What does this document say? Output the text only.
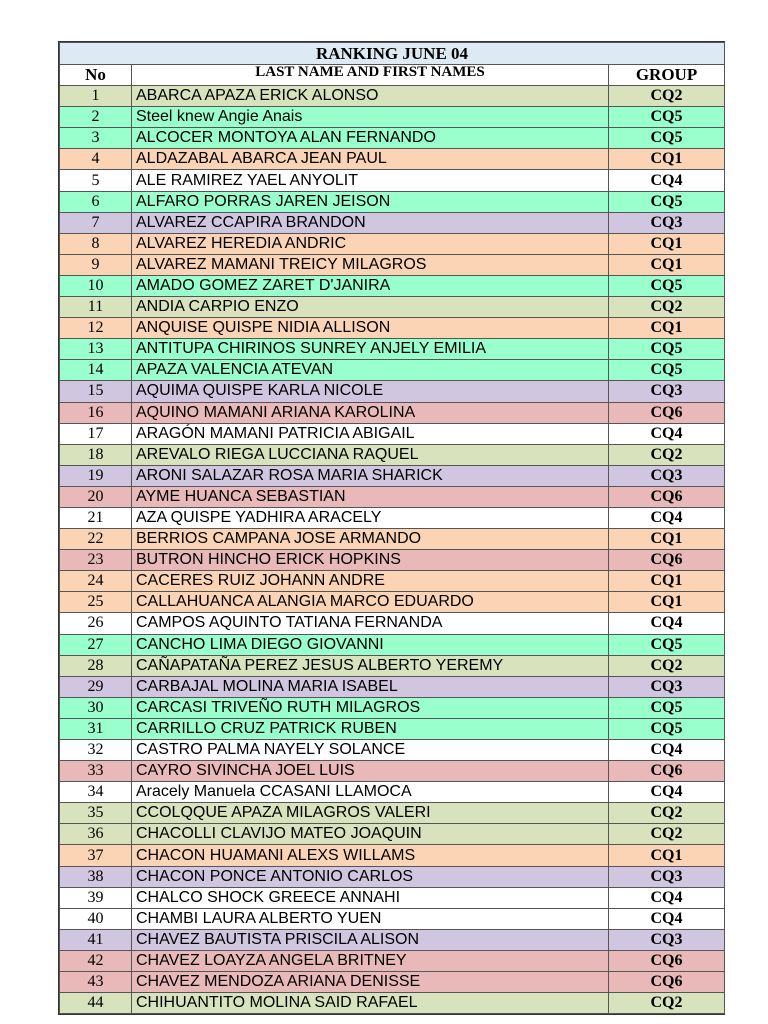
RANKING JUNE 04		
No	LAST NAME AND FIRST NAMES	GROUP
1	ABARCA APAZA ERICK ALONSO	CQ2
2	Steel knew Angie Anais	CQ5
3	ALCOCER MONTOYA ALAN FERNANDO	CQ5
4	ALDAZABAL ABARCA JEAN PAUL	CQ1
5	ALE RAMIREZ YAEL ANYOLIT	CQ4
6	ALFARO PORRAS JAREN JEISON	CQ5
7	ALVAREZ CCAPIRA BRANDON	CQ3
8	ALVAREZ HEREDIA ANDRIC	CQ1
9	ALVAREZ MAMANI TREICY MILAGROS	CQ1
10	AMADO GOMEZ ZARET D'JANIRA	CQ5
11	ANDIA CARPIO ENZO	CQ2
12	ANQUISE QUISPE NIDIA ALLISON	CQ1
13	ANTITUPA CHIRINOS SUNREY ANJELY EMILIA	CQ5
14	APAZA VALENCIA ATEVAN	CQ5
15	AQUIMA QUISPE KARLA NICOLE	CQ3
16	AQUINO MAMANI ARIANA KAROLINA	CQ6
17	ARAGÓN MAMANI PATRICIA ABIGAIL	CQ4
18	AREVALO RIEGA LUCCIANA RAQUEL	CQ2
19	ARONI SALAZAR ROSA MARIA SHARICK	CQ3
20	AYME HUANCA SEBASTIAN	CQ6
21	AZA QUISPE YADHIRA ARACELY	CQ4
22	BERRIOS CAMPANA JOSE ARMANDO	CQ1
23	BUTRON HINCHO ERICK HOPKINS	CQ6
24	CACERES RUIZ JOHANN ANDRE	CQ1
25	CALLAHUANCA ALANGIA MARCO EDUARDO	CQ1
26	CAMPOS AQUINTO TATIANA FERNANDA	CQ4
27	CANCHO LIMA DIEGO GIOVANNI	CQ5
28	CAÑAPATAÑA PEREZ JESUS ALBERTO YEREMY	CQ2
29	CARBAJAL MOLINA MARIA ISABEL	CQ3
30	CARCASI TRIVEÑO RUTH MILAGROS	CQ5
31	CARRILLO CRUZ PATRICK RUBEN	CQ5
32	CASTRO PALMA NAYELY SOLANCE	CQ4
33	CAYRO SIVINCHA JOEL LUIS	CQ6
34	Aracely Manuela CCASANI LLAMOCA	CQ4
35	CCOLQQUE APAZA MILAGROS VALERI	CQ2
36	CHACOLLI CLAVIJO MATEO JOAQUIN	CQ2
37	CHACON HUAMANI ALEXS WILLAMS	CQ1
38	CHACON PONCE ANTONIO CARLOS	CQ3
39	CHALCO SHOCK GREECE ANNAHI	CQ4
40	CHAMBI LAURA ALBERTO YUEN	CQ4
41	CHAVEZ BAUTISTA PRISCILA ALISON	CQ3
42	CHAVEZ LOAYZA ANGELA BRITNEY	CQ6
43	CHAVEZ MENDOZA ARIANA DENISSE	CQ6
44	CHIHUANTITO MOLINA SAID RAFAEL	CQ2
